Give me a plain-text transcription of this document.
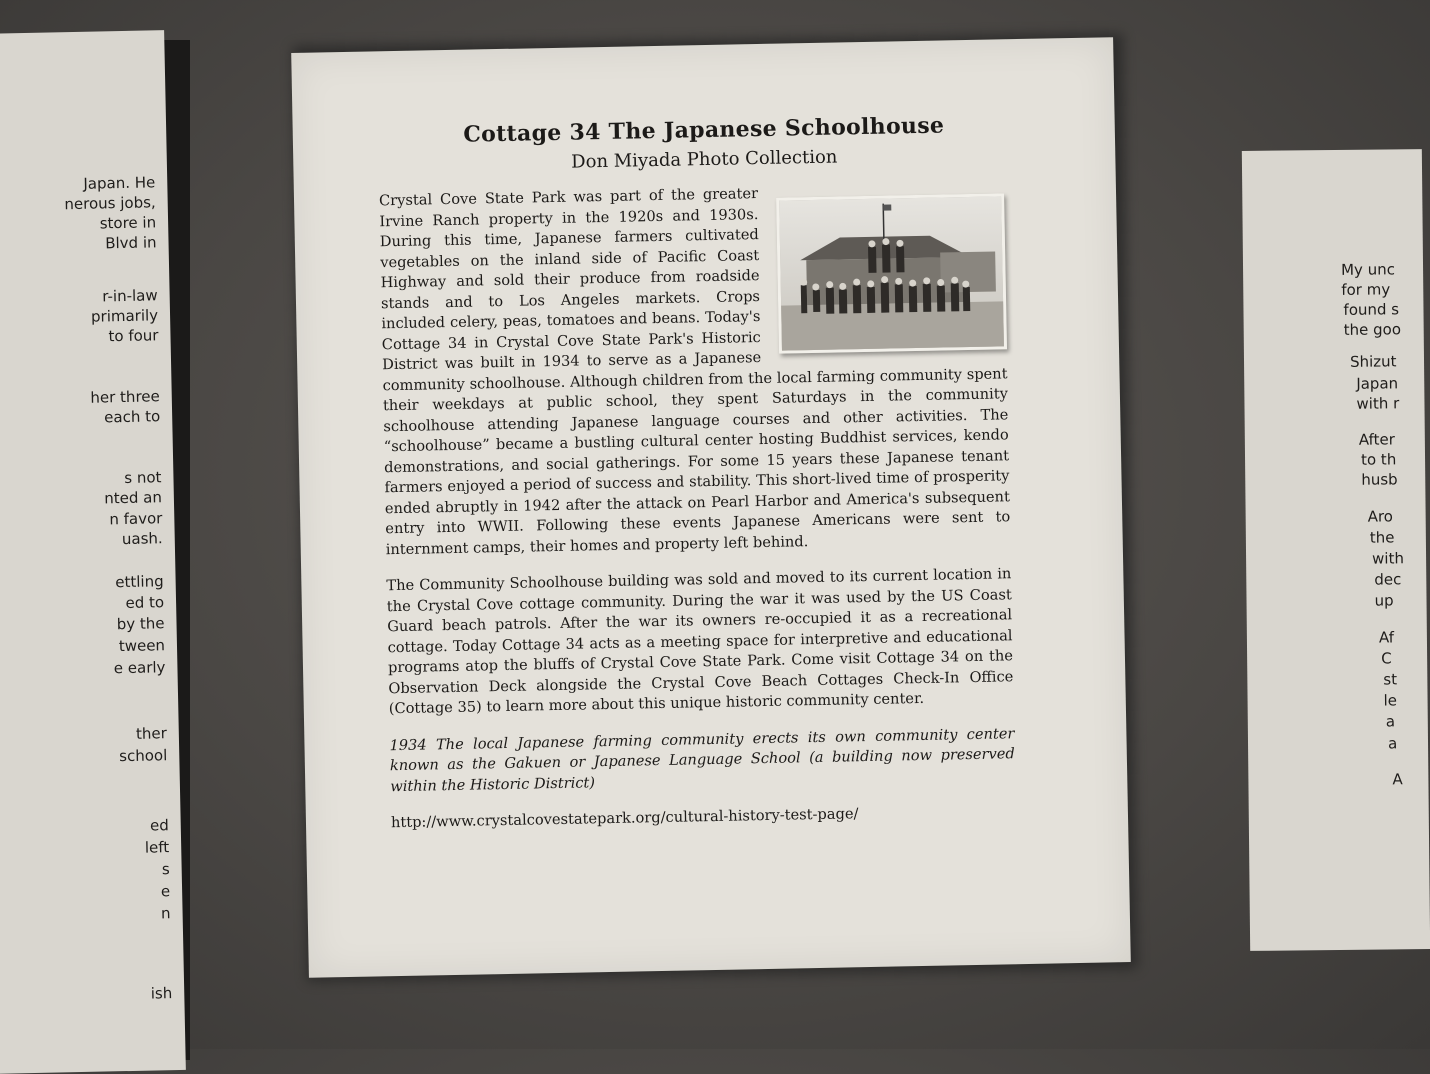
Japan. He
nerous jobs,
store in
Blvd in
r-in-law
primarily
to four
her three
each to
s not
nted an
n favor
uash.
ettling
ed to
by the
tween
e early
ther
school
ed
left
s
e
n
ish
My unc
for my
found s
the goo
Shizut
Japan
with r
After
to th
husb
Aro
the
with
dec
up
Af
C
st
le
a
a
A
Cottage 34 The Japanese Schoolhouse
Don Miyada Photo Collection

Crystal Cove State Park was part of the greater Irvine Ranch property in the 1920s and 1930s. During this time, Japanese farmers cultivated vegetables on the inland side of Pacific Coast Highway and sold their produce from roadside stands and to Los Angeles markets. Crops included celery, peas, tomatoes and beans. Today's Cottage 34 in Crystal Cove State Park's Historic District was built in 1934 to serve as a Japanese community schoolhouse. Although children from the local farming community spent their weekdays at public school, they spent Saturdays in the community schoolhouse attending Japanese language courses and other activities. The “schoolhouse” became a bustling cultural center hosting Buddhist services, kendo demonstrations, and social gatherings. For some 15 years these Japanese tenant farmers enjoyed a period of success and stability. This short-lived time of prosperity ended abruptly in 1942 after the attack on Pearl Harbor and America's subsequent entry into WWII. Following these events Japanese Americans were sent to internment camps, their homes and property left behind.

The Community Schoolhouse building was sold and moved to its current location in the Crystal Cove cottage community. During the war it was used by the US Coast Guard beach patrols. After the war its owners re-occupied it as a recreational cottage. Today Cottage 34 acts as a meeting space for interpretive and educational programs atop the bluffs of Crystal Cove State Park. Come visit Cottage 34 on the Observation Deck alongside the Crystal Cove Beach Cottages Check-In Office (Cottage 35) to learn more about this unique historic community center.

1934 The local Japanese farming community erects its own community center known as the Gakuen or Japanese Language School (a building now preserved within the Historic District)

http://www.crystalcovestatepark.org/cultural-history-test-page/
